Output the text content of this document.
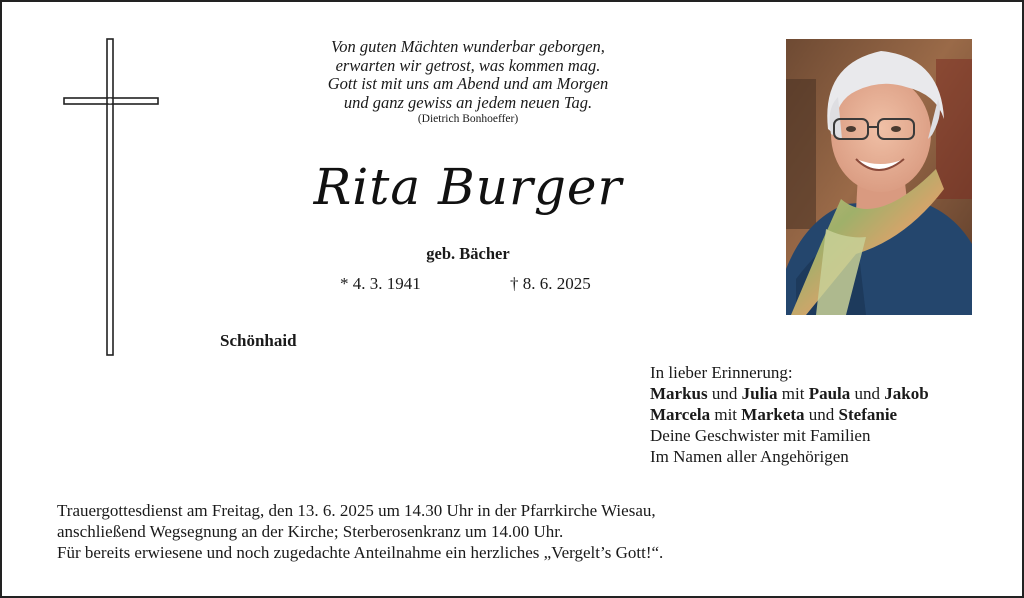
Von guten Mächten wunderbar geborgen,
erwarten wir getrost, was kommen mag.
Gott ist mit uns am Abend und am Morgen
und ganz gewiss an jedem neuen Tag.
(Dietrich Bonhoeffer)
Rita Burger
geb. Bächer
* 4. 3. 1941	† 8. 6. 2025
Schönhaid
In lieber Erinnerung:
Markus und Julia mit Paula und Jakob
Marcela mit Marketa und Stefanie
Deine Geschwister mit Familien
Im Namen aller Angehörigen
Trauergottesdienst am Freitag, den 13. 6. 2025 um 14.30 Uhr in der Pfarrkirche Wiesau,
anschließend Wegsegnung an der Kirche; Sterberosenkranz um 14.00 Uhr.
Für bereits erwiesene und noch zugedachte Anteilnahme ein herzliches „Vergelt’s Gott!“.
